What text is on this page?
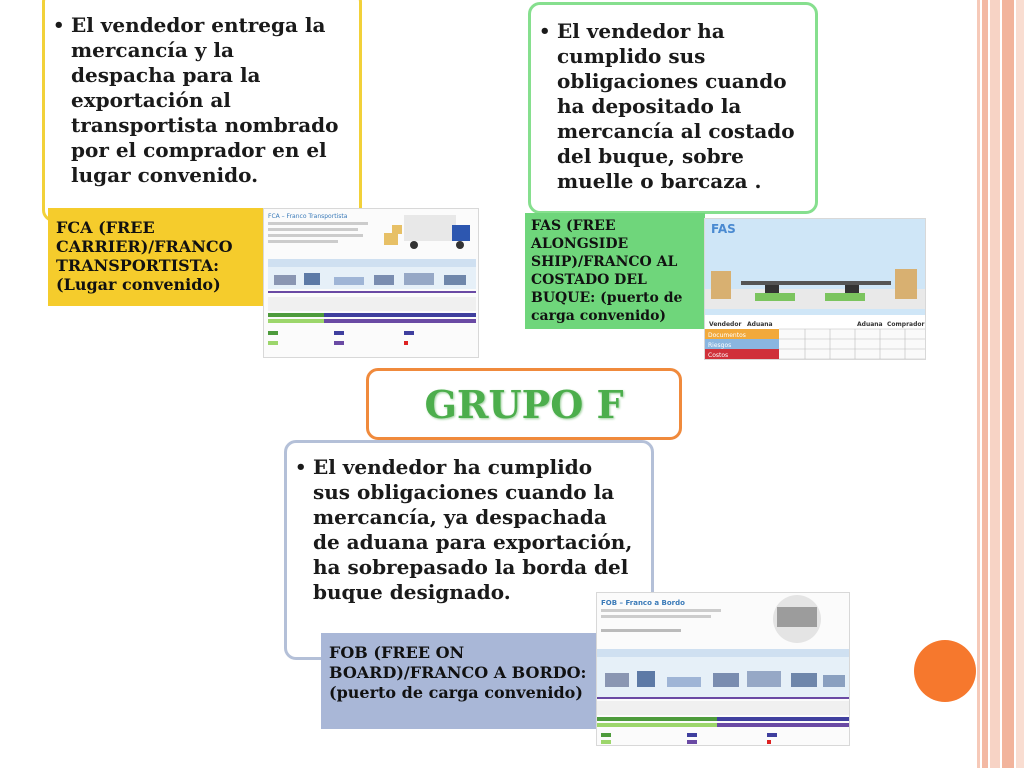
• El vendedor entrega la mercancía y la despacha para la exportación al transportista nombrado por el comprador en el lugar convenido.
FCA (FREE CARRIER)/FRANCO TRANSPORTISTA: (Lugar convenido)
FCA – Franco Transportista
• El vendedor ha cumplido sus obligaciones cuando ha depositado la mercancía al costado del buque, sobre muelle o barcaza .
FAS (FREE ALONGSIDE SHIP)/FRANCO AL COSTADO DEL BUQUE: (puerto de carga convenido)
FAS
Vendedor Aduana	Aduana Comprador
Documentos
Riesgos
Costos
GRUPO F
• El vendedor ha cumplido sus obligaciones cuando la mercancía, ya despachada de aduana para exportación, ha sobrepasado la borda del buque designado.
FOB (FREE ON BOARD)/FRANCO A BORDO: (puerto de carga convenido)
FOB – Franco a Bordo
